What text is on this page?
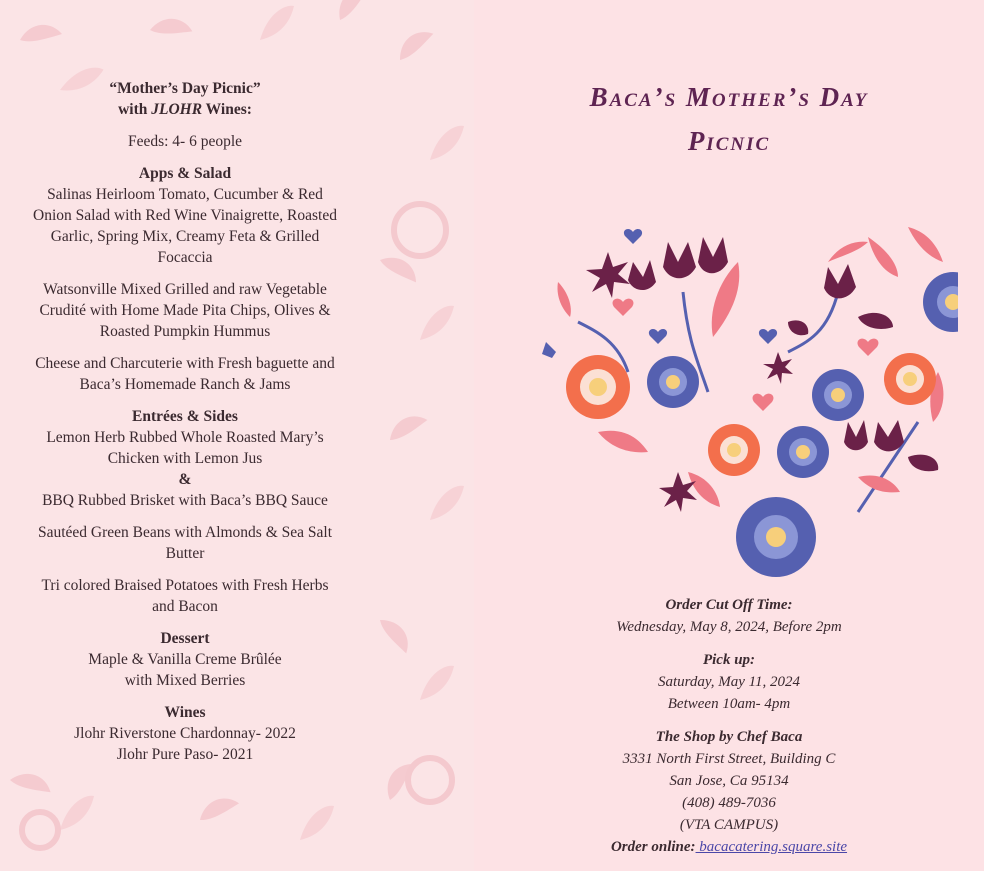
“Mother’s Day Picnic”
with JLOHR Wines:
Feeds: 4- 6 people
Apps & Salad
Salinas Heirloom Tomato, Cucumber & Red
Onion Salad with Red Wine Vinaigrette, Roasted
Garlic, Spring Mix, Creamy Feta & Grilled
Focaccia
Watsonville Mixed Grilled and raw Vegetable
Crudité with Home Made Pita Chips, Olives &
Roasted Pumpkin Hummus
Cheese and Charcuterie with Fresh baguette and
Baca’s Homemade Ranch & Jams
Entrées & Sides
Lemon Herb Rubbed Whole Roasted Mary’s
Chicken with Lemon Jus
&
BBQ Rubbed Brisket with Baca’s BBQ Sauce
Sautéed Green Beans with Almonds & Sea Salt
Butter
Tri colored Braised Potatoes with Fresh Herbs
and Bacon
Dessert
Maple & Vanilla Creme Brûlée
with Mixed Berries
Wines
Jlohr Riverstone Chardonnay- 2022
Jlohr Pure Paso- 2021
Baca’s Mother’s Day
Picnic
Order Cut Off Time:
Wednesday, May 8, 2024, Before 2pm
Pick up:
Saturday, May 11, 2024
Between 10am- 4pm
The Shop by Chef Baca
3331 North First Street, Building C
San Jose, Ca 95134
(408) 489-7036
(VTA CAMPUS)
Order online: bacacatering.square.site
